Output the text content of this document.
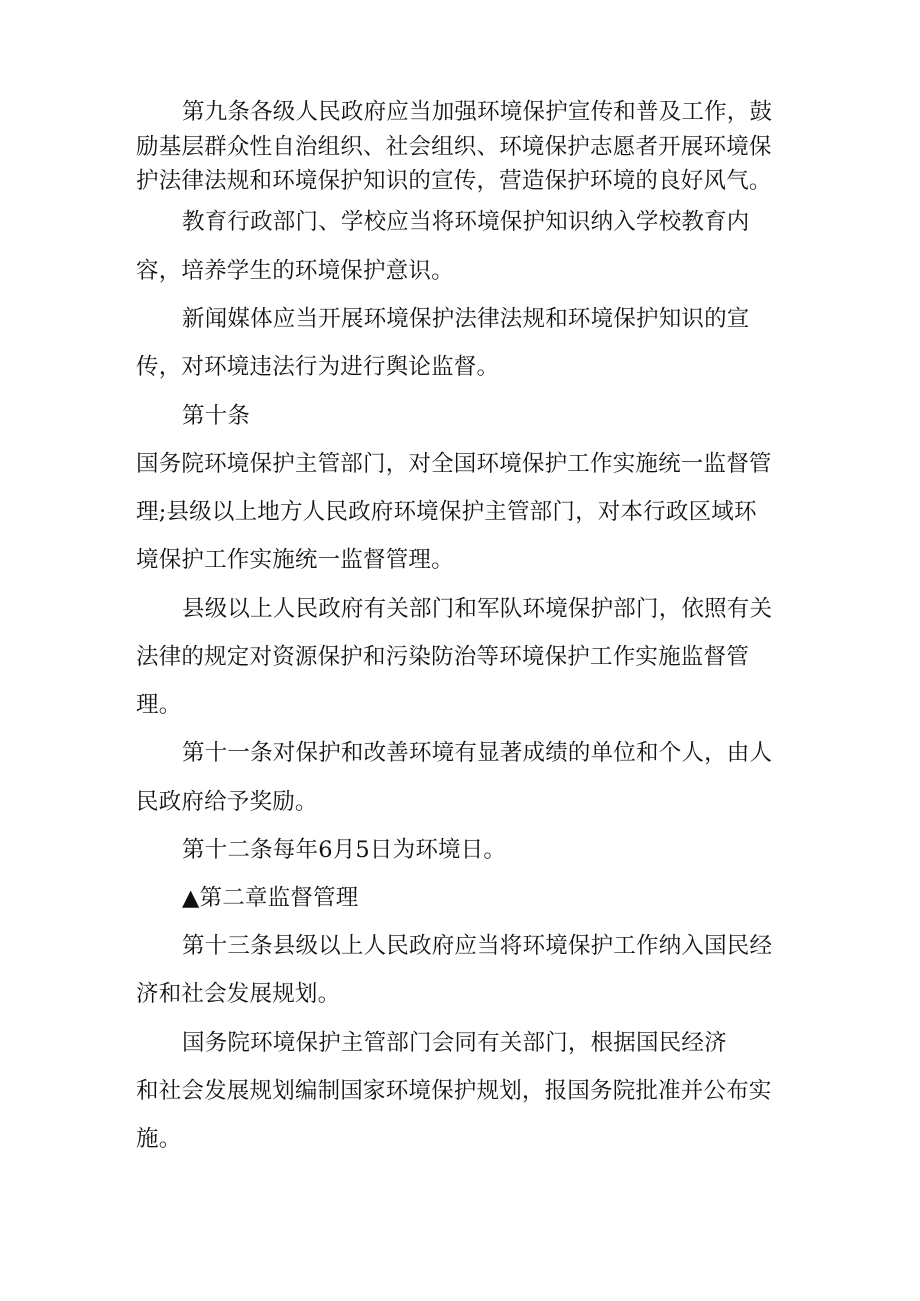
第九条各级人民政府应当加强环境保护宣传和普及工作，鼓
励基层群众性自治组织、社会组织、环境保护志愿者开展环境保
护法律法规和环境保护知识的宣传，营造保护环境的良好风气。
教育行政部门、学校应当将环境保护知识纳入学校教育内
容，培养学生的环境保护意识。
新闻媒体应当开展环境保护法律法规和环境保护知识的宣
传，对环境违法行为进行舆论监督。
第十条
国务院环境保护主管部门，对全国环境保护工作实施统一监督管
理;县级以上地方人民政府环境保护主管部门，对本行政区域环
境保护工作实施统一监督管理。
县级以上人民政府有关部门和军队环境保护部门，依照有关
法律的规定对资源保护和污染防治等环境保护工作实施监督管
理。
第十一条对保护和改善环境有显著成绩的单位和个人，由人
民政府给予奖励。
第十二条每年6月5日为环境日。
▲第二章监督管理
第十三条县级以上人民政府应当将环境保护工作纳入国民经
济和社会发展规划。
国务院环境保护主管部门会同有关部门，根据国民经济
和社会发展规划编制国家环境保护规划，报国务院批准并公布实
施。
